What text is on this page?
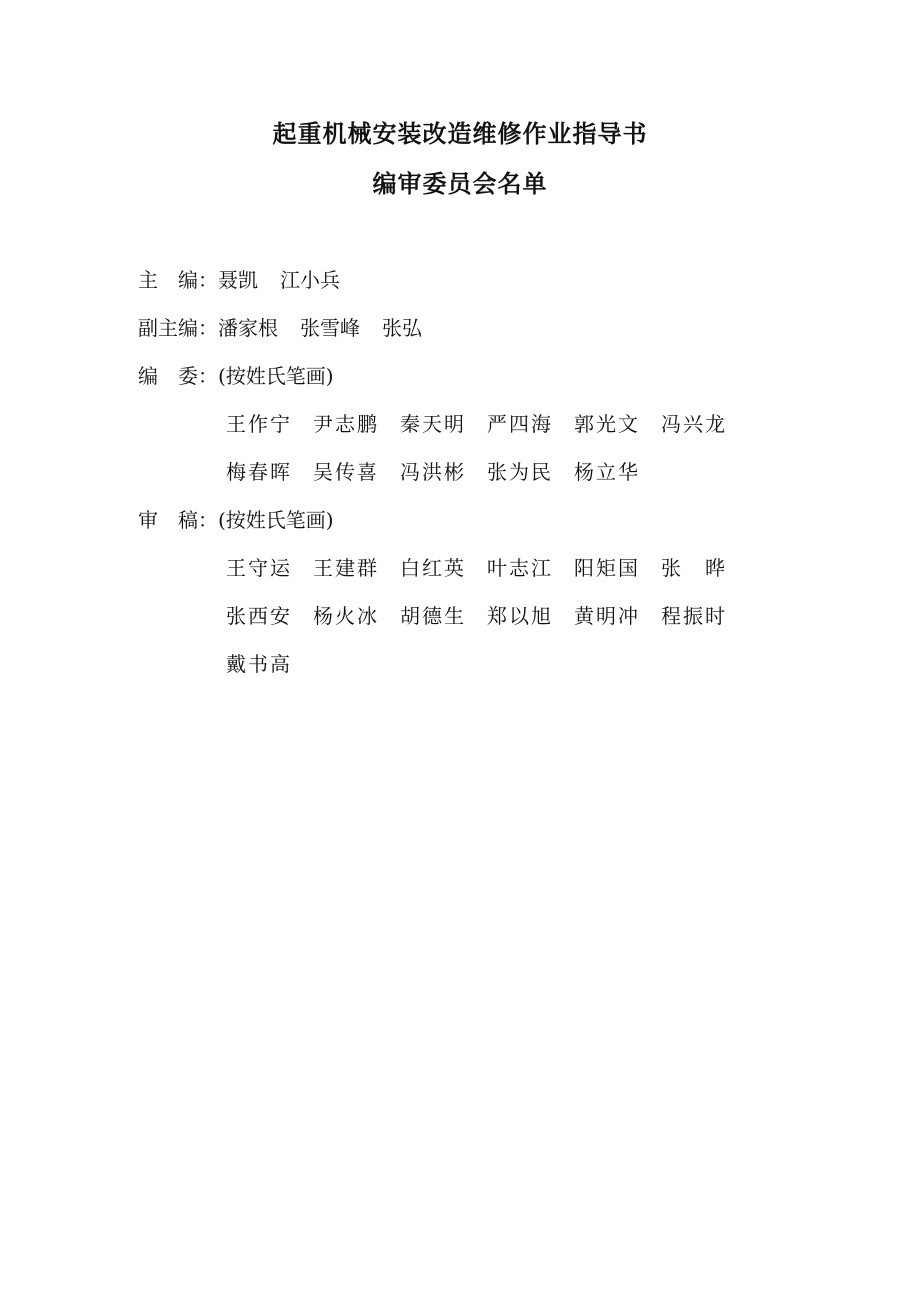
起重机械安装改造维修作业指导书
编审委员会名单
主　编：聂凯 江小兵
副主编：潘家根 张雪峰 张弘
编　委：(按姓氏笔画)
王作宁 尹志鹏 秦天明 严四海 郭光文 冯兴龙
梅春晖 吴传喜 冯洪彬 张为民 杨立华
审　稿：(按姓氏笔画)
王守运 王建群 白红英 叶志江 阳矩国 张　晔
张西安 杨火冰 胡德生 郑以旭 黄明冲 程振时
戴书高
